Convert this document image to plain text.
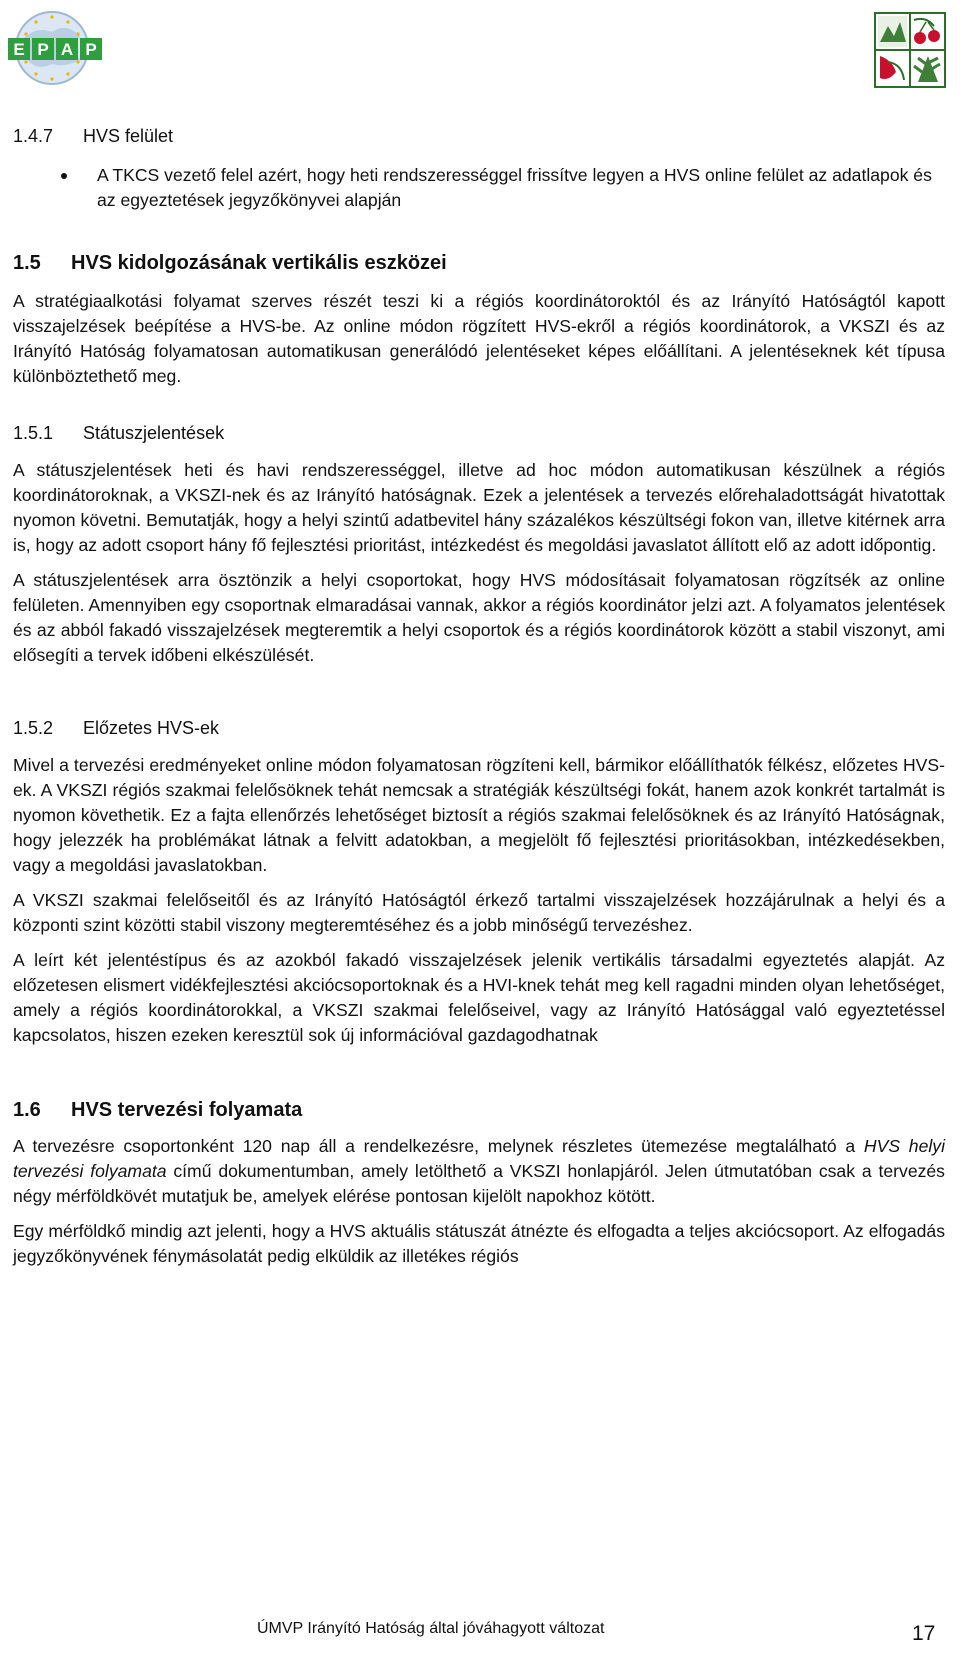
E P A P
1.4.7	HVS felület
A TKCS vezető felel azért, hogy heti rendszerességgel frissítve legyen a HVS online felület az adatlapok és az egyeztetések jegyzőkönyvei alapján
1.5	HVS kidolgozásának vertikális eszközei

A stratégiaalkotási folyamat szerves részét teszi ki a régiós koordinátoroktól és az Irányító Hatóságtól kapott visszajelzések beépítése a HVS-be. Az online módon rögzített HVS-ekről a régiós koordinátorok, a VKSZI és az Irányító Hatóság folyamatosan automatikusan generálódó jelentéseket képes előállítani. A jelentéseknek két típusa különböztethető meg.

1.5.1	Státuszjelentések

A státuszjelentések heti és havi rendszerességgel, illetve ad hoc módon automatikusan készülnek a régiós koordinátoroknak, a VKSZI-nek és az Irányító hatóságnak. Ezek a jelentések a tervezés előrehaladottságát hivatottak nyomon követni. Bemutatják, hogy a helyi szintű adatbevitel hány százalékos készültségi fokon van, illetve kitérnek arra is, hogy az adott csoport hány fő fejlesztési prioritást, intézkedést és megoldási javaslatot állított elő az adott időpontig.

A státuszjelentések arra ösztönzik a helyi csoportokat, hogy HVS módosításait folyamatosan rögzítsék az online felületen. Amennyiben egy csoportnak elmaradásai vannak, akkor a régiós koordinátor jelzi azt. A folyamatos jelentések és az abból fakadó visszajelzések megteremtik a helyi csoportok és a régiós koordinátorok között a stabil viszonyt, ami elősegíti a tervek időbeni elkészülését.

1.5.2	Előzetes HVS-ek

Mivel a tervezési eredményeket online módon folyamatosan rögzíteni kell, bármikor előállíthatók félkész, előzetes HVS-ek. A VKSZI régiós szakmai felelősöknek tehát nemcsak a stratégiák készültségi fokát, hanem azok konkrét tartalmát is nyomon követhetik. Ez a fajta ellenőrzés lehetőséget biztosít a régiós szakmai felelősöknek és az Irányító Hatóságnak, hogy jelezzék ha problémákat látnak a felvitt adatokban, a megjelölt fő fejlesztési prioritásokban, intézkedésekben, vagy a megoldási javaslatokban.

A VKSZI szakmai felelőseitől és az Irányító Hatóságtól érkező tartalmi visszajelzések hozzájárulnak a helyi és a központi szint közötti stabil viszony megteremtéséhez és a jobb minőségű tervezéshez.

A leírt két jelentéstípus és az azokból fakadó visszajelzések jelenik vertikális társadalmi egyeztetés alapját. Az előzetesen elismert vidékfejlesztési akciócsoportoknak és a HVI-knek tehát meg kell ragadni minden olyan lehetőséget, amely a régiós koordinátorokkal, a VKSZI szakmai felelőseivel, vagy az Irányító Hatósággal való egyeztetéssel kapcsolatos, hiszen ezeken keresztül sok új információval gazdagodhatnak

1.6	HVS tervezési folyamata

A tervezésre csoportonként 120 nap áll a rendelkezésre, melynek részletes ütemezése megtalálható a HVS helyi tervezési folyamata című dokumentumban, amely letölthető a VKSZI honlapjáról. Jelen útmutatóban csak a tervezés négy mérföldkövét mutatjuk be, amelyek elérése pontosan kijelölt napokhoz kötött.

Egy mérföldkő mindig azt jelenti, hogy a HVS aktuális státuszát átnézte és elfogadta a teljes akciócsoport. Az elfogadás jegyzőkönyvének fénymásolatát pedig elküldik az illetékes régiós

ÚMVP Irányító Hatóság által jóváhagyott változat	17
